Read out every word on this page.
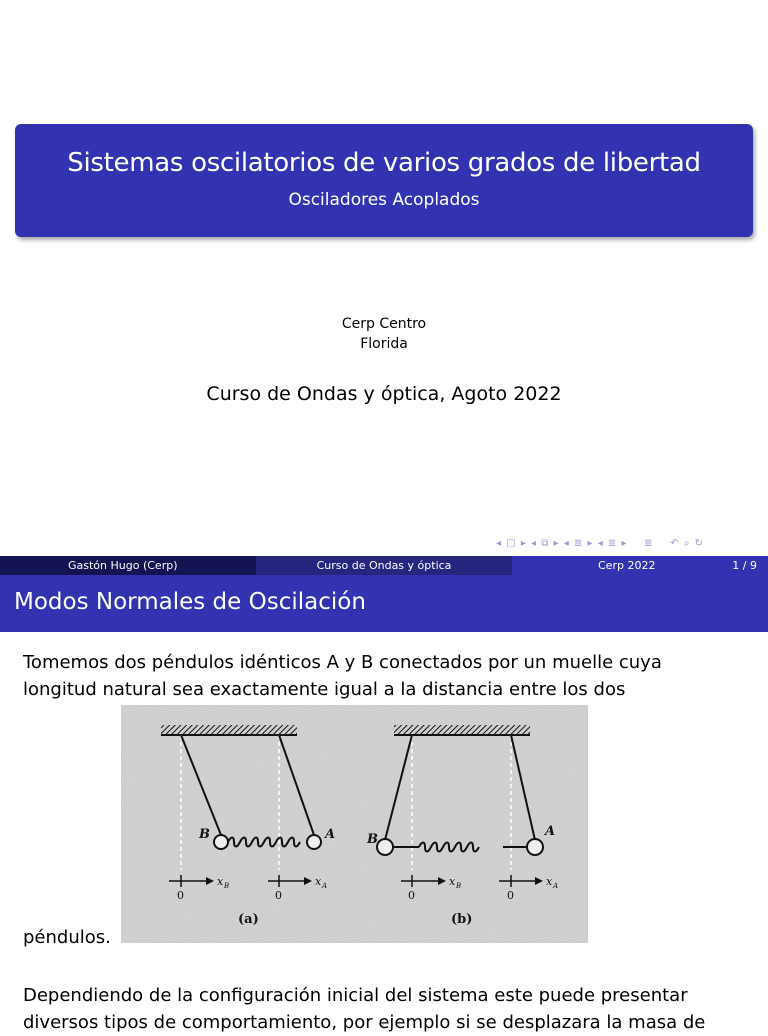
Sistemas oscilatorios de varios grados de libertad
Osciladores Acoplados
Cerp Centro
Florida
Curso de Ondas y óptica, Agoto 2022
◂ □ ▸ ◂ ⧉ ▸ ◂ ≣ ▸ ◂ ≣ ▸    ≣    ↶ ⌕ ↻
Gastón Hugo (Cerp)	Curso de Ondas y óptica	Cerp 2022	1 / 9
Modos Normales de Oscilación
Tomemos dos péndulos idénticos A y B conectados por un muelle cuya
longitud natural sea exactamente igual a la distancia entre los dos
B	A
0
x B
0
x A
(a)
B
A
0
x B
0
x A
(b)
péndulos.
Dependiendo de la configuración inicial del sistema este puede presentar
diversos tipos de comportamiento, por ejemplo si se desplazara la masa de
